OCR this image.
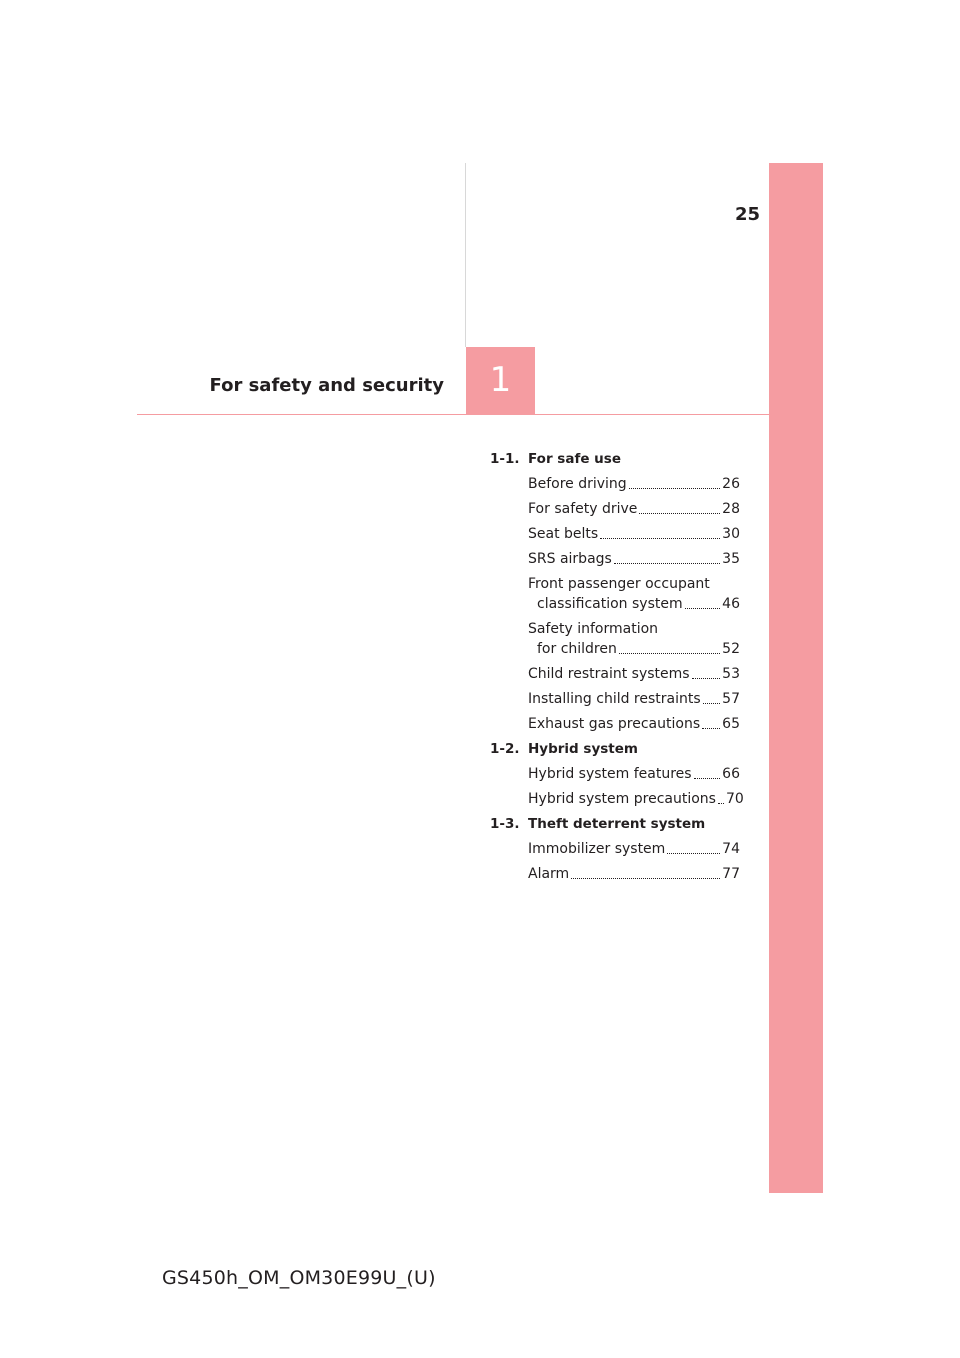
25
1
For safety and security
1-1. For safe use
Before driving	26
For safety drive	28
Seat belts	30
SRS airbags	35
Front passenger occupant
classification system	46
Safety information
for children	52
Child restraint systems 53
Installing child restraints 57
Exhaust gas precautions 65
1-2. Hybrid system
Hybrid system features 66
Hybrid system precautions 70
1-3. Theft deterrent system
Immobilizer system	74
Alarm	77
GS450h_OM_OM30E99U_(U)
